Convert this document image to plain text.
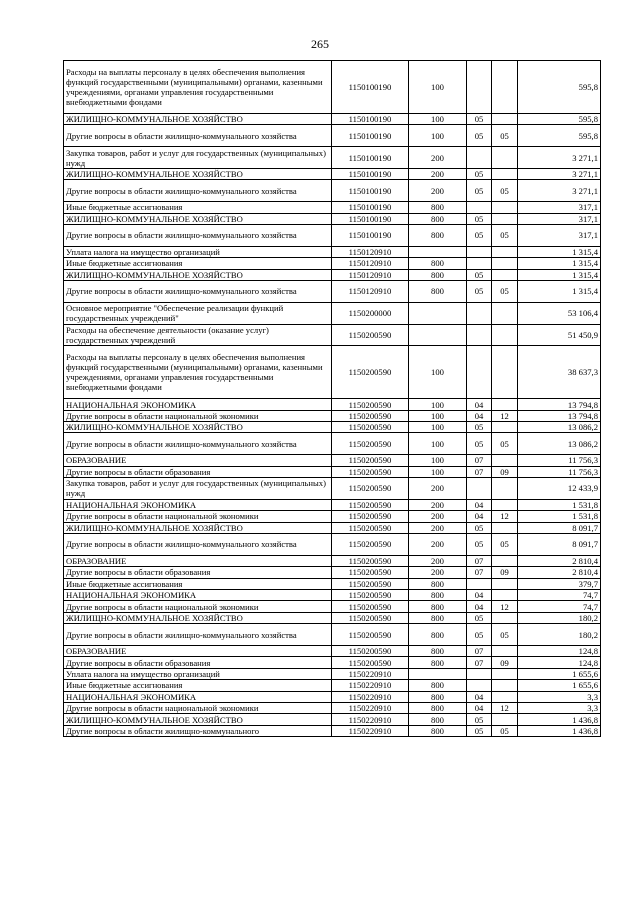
265
Расходы на выплаты персоналу в целях обеспечения выполнения функций государственными (муниципальными) органами, казенными учреждениями, органами управления государственными внебюджетными фондами	1150100190	100			595,8
ЖИЛИЩНО-КОММУНАЛЬНОЕ ХОЗЯЙСТВО	1150100190	100	05		595,8
Другие вопросы в области жилищно-коммунального хозяйства	1150100190	100	05	05	595,8
Закупка товаров, работ и услуг для государственных (муниципальных) нужд	1150100190	200			3 271,1
ЖИЛИЩНО-КОММУНАЛЬНОЕ ХОЗЯЙСТВО	1150100190	200	05		3 271,1
Другие вопросы в области жилищно-коммунального хозяйства	1150100190	200	05	05	3 271,1
Иные бюджетные ассигнования	1150100190	800			317,1
ЖИЛИЩНО-КОММУНАЛЬНОЕ ХОЗЯЙСТВО	1150100190	800	05		317,1
Другие вопросы в области жилищно-коммунального хозяйства	1150100190	800	05	05	317,1
Уплата налога на имущество организаций	1150120910				1 315,4
Иные бюджетные ассигнования	1150120910	800			1 315,4
ЖИЛИЩНО-КОММУНАЛЬНОЕ ХОЗЯЙСТВО	1150120910	800	05		1 315,4
Другие вопросы в области жилищно-коммунального хозяйства	1150120910	800	05	05	1 315,4
Основное мероприятие "Обеспечение реализации функций государственных учреждений"	1150200000				53 106,4
Расходы на обеспечение деятельности (оказание услуг) государственных учреждений	1150200590				51 450,9
Расходы на выплаты персоналу в целях обеспечения выполнения функций государственными (муниципальными) органами, казенными учреждениями, органами управления государственными внебюджетными фондами	1150200590	100			38 637,3
НАЦИОНАЛЬНАЯ ЭКОНОМИКА	1150200590	100	04		13 794,8
Другие вопросы в области национальной экономики	1150200590	100	04	12	13 794,8
ЖИЛИЩНО-КОММУНАЛЬНОЕ ХОЗЯЙСТВО	1150200590	100	05		13 086,2
Другие вопросы в области жилищно-коммунального хозяйства	1150200590	100	05	05	13 086,2
ОБРАЗОВАНИЕ	1150200590	100	07		11 756,3
Другие вопросы в области образования	1150200590	100	07	09	11 756,3
Закупка товаров, работ и услуг для государственных (муниципальных) нужд	1150200590	200			12 433,9
НАЦИОНАЛЬНАЯ ЭКОНОМИКА	1150200590	200	04		1 531,8
Другие вопросы в области национальной экономики	1150200590	200	04	12	1 531,8
ЖИЛИЩНО-КОММУНАЛЬНОЕ ХОЗЯЙСТВО	1150200590	200	05		8 091,7
Другие вопросы в области жилищно-коммунального хозяйства	1150200590	200	05	05	8 091,7
ОБРАЗОВАНИЕ	1150200590	200	07		2 810,4
Другие вопросы в области образования	1150200590	200	07	09	2 810,4
Иные бюджетные ассигнования	1150200590	800			379,7
НАЦИОНАЛЬНАЯ ЭКОНОМИКА	1150200590	800	04		74,7
Другие вопросы в области национальной экономики	1150200590	800	04	12	74,7
ЖИЛИЩНО-КОММУНАЛЬНОЕ ХОЗЯЙСТВО	1150200590	800	05		180,2
Другие вопросы в области жилищно-коммунального хозяйства	1150200590	800	05	05	180,2
ОБРАЗОВАНИЕ	1150200590	800	07		124,8
Другие вопросы в области образования	1150200590	800	07	09	124,8
Уплата налога на имущество организаций	1150220910				1 655,6
Иные бюджетные ассигнования	1150220910	800			1 655,6
НАЦИОНАЛЬНАЯ ЭКОНОМИКА	1150220910	800	04		3,3
Другие вопросы в области национальной экономики	1150220910	800	04	12	3,3
ЖИЛИЩНО-КОММУНАЛЬНОЕ ХОЗЯЙСТВО	1150220910	800	05		1 436,8
Другие вопросы в области жилищно-коммунального	1150220910	800	05	05	1 436,8
